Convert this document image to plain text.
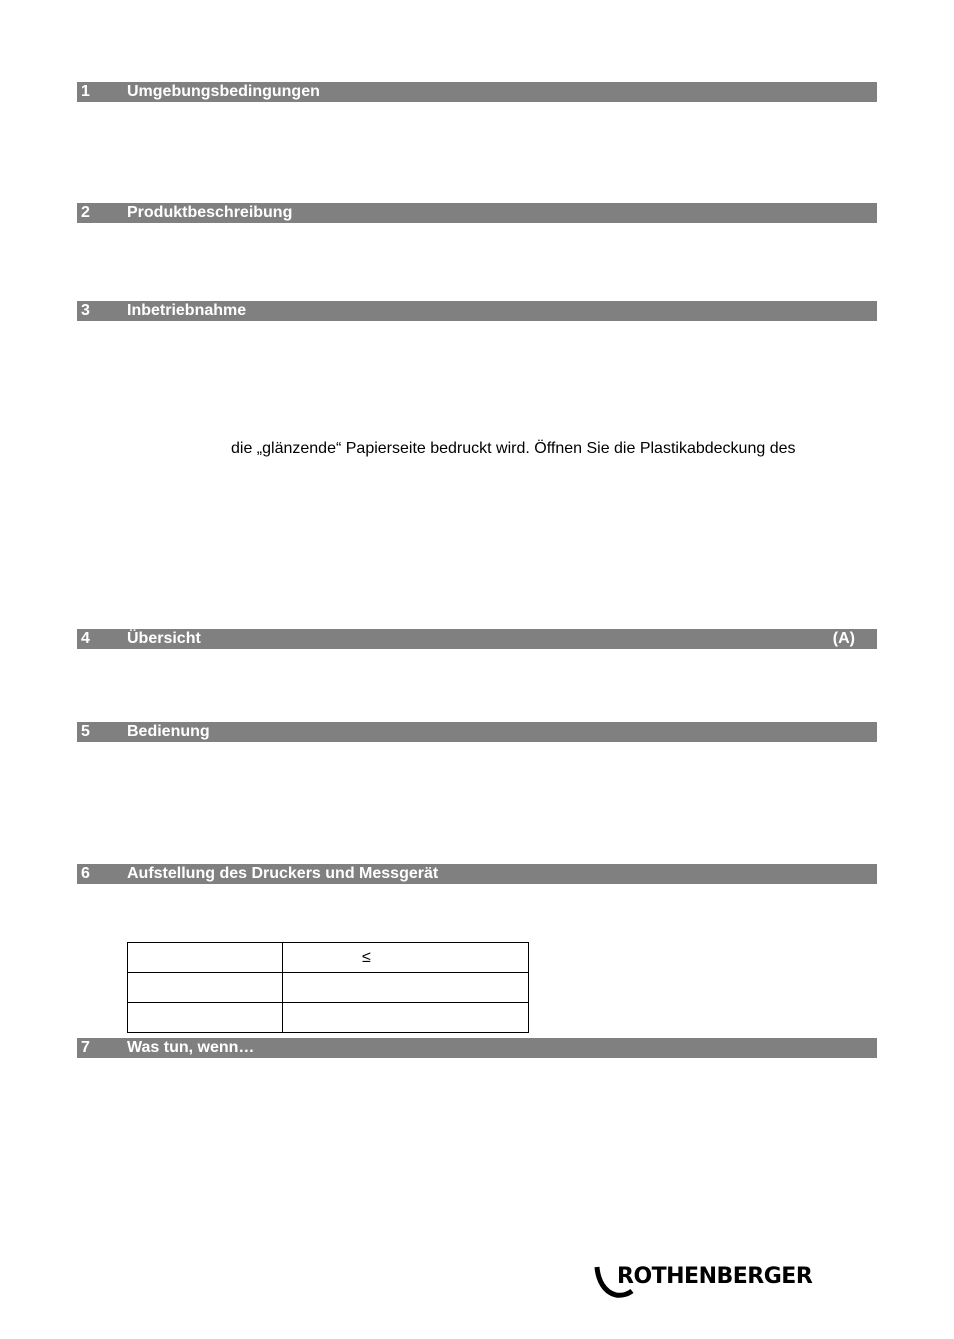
1 Umgebungsbedingungen
2 Produktbeschreibung
3 Inbetriebnahme
die „glänzende“ Papierseite bedruckt wird. Öffnen Sie die Plastikabdeckung des
4 Übersicht	(A)
5 Bedienung
6 Aufstellung des Druckers und Messgerät
	≤

7 Was tun, wenn…
ROTHENBERGER
